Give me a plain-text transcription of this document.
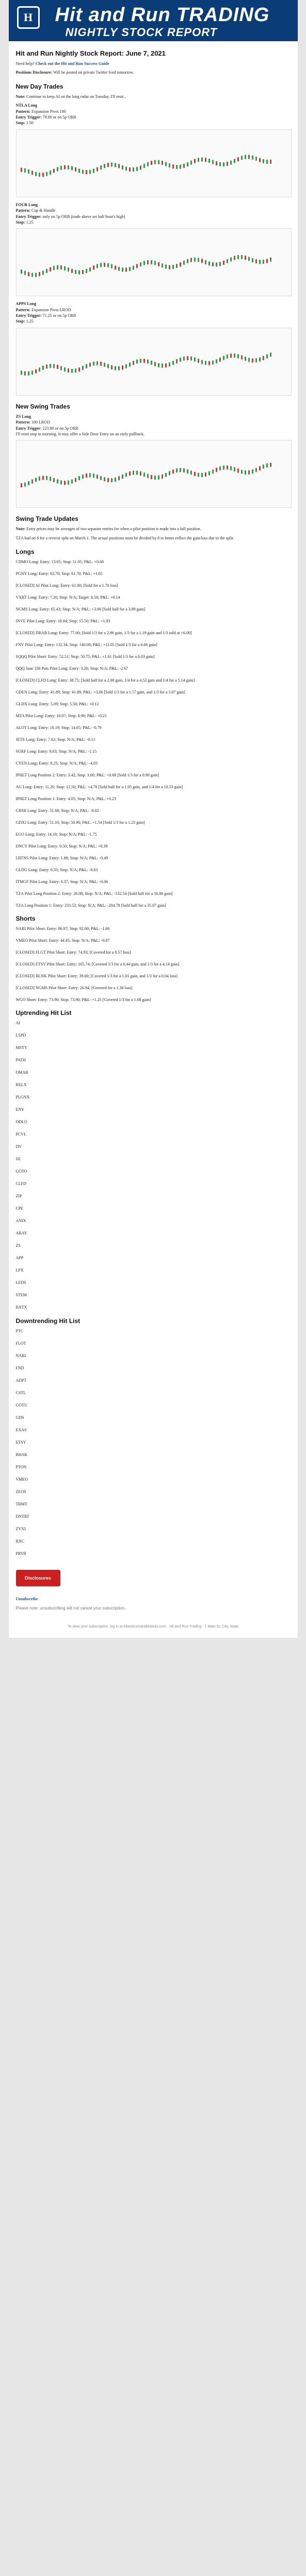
H	Hit and Run TRADING
NIGHTLY STOCK REPORT
Hit and Run Nightly Stock Report: June 7, 2021

Need help? Check out the Hit and Run Success Guide

Positions Disclosure: Will be posted on private Twitter feed tomorrow.

New Day Trades

Note: Continue to keep AI on the long radar on Tuesday. I'll restr...

NTLA Long
Pattern: Expansion Pivot 180
Entry Trigger: 79.00 or on 5p ORB
Stop: 1.50
FOUR Long
Pattern: Cup & Handle
Entry Trigger: only on 5p ORB (trade above set half hour's high)
Stop: 1.25
APPS Long
Pattern: Expansion Pivot LROD
Entry Trigger: 71.25 or on 5p ORB
Stop: 1.25
New Swing Trades
ZS Long
Pattern: 180 LROD
Entry Trigger: 223.80 or on 5p ORB
I'll reset stop in morning. It may offer a Side Door Entry on an early pullback.
Swing Trade Updates

Note: Entry prices may be averages of two separate entries for when a pilot position is made into a full position.

TZA had no 8 for a reverse split on March 1. The actual positions must be divided by 8 to better reflect the gain/loss due to the split.

Longs
CDMO Long: Entry: 13.65; Stop: 11.05; P&L: +0.68
PGNY Long: Entry: 63.70; Stop: 61.70; P&L: +1.05
[CLOSED] AI Pilot Long: Entry: 61.00; [Sold for a 1.70 loss]
VXRT Long: Entry: 7.20; Stop: N/A; Target: 8.50; P&L: +0.14
NGMS Long: Entry: 65.43; Stop: N/A; P&L: +3.90 [Sold half for a 3.89 gain]
INVE Pilot Long: Entry: 18.84; Stop: 15.50; P&L: +1.83
[CLOSED] DRAB Long: Entry: 77.00; [Sold 1/3 for a 2.86 gain, 1/3 for a 1.19 gain and 1/3 sold at +6.00]
FNV Pilot Long: Entry: 132.34; Stop: 140.00; P&L: +11.05 [Sold 1/3 for a 6.66 gain]
SQQQ Pilot Short: Entry: 52.51; Stop: 50.75; P&L: +1.61 [Sold 1/3 for a 6.03 gain]
QQQ June 330 Puts Pilot Long: Entry: 3.20; Stop: N/A; P&L: -2.67
[CLOSED] CLFD Long: Entry: 38.75; [Sold half for a 2.00 gain, 1/4 for a 4.52 gain and 1/4 for a 5.14 gain]
GDEN Long: Entry: 41.89; Stop: 41.89; P&L: +3.06 [Sold 1/3 for a 1.57 gain, and 1/3 for a 3.07 gain]
GLDX Long: Entry: 5.09; Stop: 5.50; P&L: +0.12
MTA Pilot Long: Entry: 10.07; Stop: 8.90; P&L: +0.21
ALOT Long: Entry: 16.19; Stop: 14.65; P&L: -0.79
JETS Long: Entry: 7.62; Stop: N/A; P&L: -0.11
SURF Long: Entry: 9.03; Stop: N/A; P&L: -1.15
CYEN Long: Entry: 8.25; Stop: N/A; P&L: -4.03
IPHLT Long Position 2: Entry: 3.42; Stop: 3.00; P&L: +0.68 [Sold 1/3 for a 0.90 gain]
AG Long: Entry: 11.20; Stop: 12.50; P&L: +4.78 [Sold half for a 1.95 gain, and 1/4 for a 10.33 gain]
IPHLT Long Position 1: Entry: 4.05; Stop: N/A; P&L: +0.23
CRSR Long: Entry: 31.68; Stop: N/A; P&L: -0.02
GDXJ Long: Entry: 51.10; Stop: 50.90; P&L: +1.54 [Sold 1/3 for a 1.23 gain]
EGO Long: Entry: 14.18; Stop: N/A; P&L: -1.75
DNCY Pilot Long: Entry: 0.50; Stop: N/A; P&L: +0.39
LRTNS Pilot Long: Entry: 1.88; Stop: N/A; P&L: -0.49
GLDG Long: Entry: 6.33; Stop: N/A; P&L: -0.63
ITMGF Pilot Long: Entry: 0.37; Stop: N/A; P&L: -0.06
TZA Pilot Long Position 2: Entry: 26.08; Stop: N/A; P&L: -532.54 [Sold half for a 16.88 gain]
TZA Long Position 1: Entry: 233.52; Stop: N/A; P&L: -204.78 [Sold half for a 35.07 gain]
Shorts
NARI Pilot Short: Entry: 86.87; Stop: 92.00; P&L: -1.60
VMEO Pilot Short: Entry: 44.45; Stop: N/A; P&L: -0.87
[CLOSED] FLGT Pilot Short: Entry: 74.93; [Covered for a 0.57 loss]
[CLOSED] ETSY Pilot Short: Entry: 165.74; [Covered 1/3 for a 6.44 gain, and 1/3 for a 4.14 gain]
[CLOSED] BLNK Pilot Short: Entry: 39.00; [Covered 1/3 for a 1.01 gain, and 1/3 for a 0.04 loss]
[CLOSED] NGMS Pilot Short: Entry: 26.94; [Covered for a 1.36 loss]
WGO Short: Entry: 73.90; Stop: 73.90; P&L: +1.25 [Covered 1/3 for a 1.08 gain]
Uptrending Hit List
AI
LSPD
MSTY
PATH
OMAB
RELX
PLGNX
ENV
ODLO
PCVL
DV
SE
GOTO
CLFD
ZIP
CPE
ANIX
ARAY
ZS
APP
LPX
LEDS
STEM
RNTX
Downtrending Hit List
PTC
FLOT
NARI
FND
ADPT
CSTL
GOTU
GDS
EXAS
ETSY
BHAK
PTON
VMEO
ZEOS
TRMT
DNTRT
ZYXI
RXC
PRVB
Disclosures

Unsubscribe

Please note: unsubscribing will not cancel your subscription.

To view your subscription, log in at hitandruncandlesticks.com · Hit and Run Trading · 1 Main St, City, State
